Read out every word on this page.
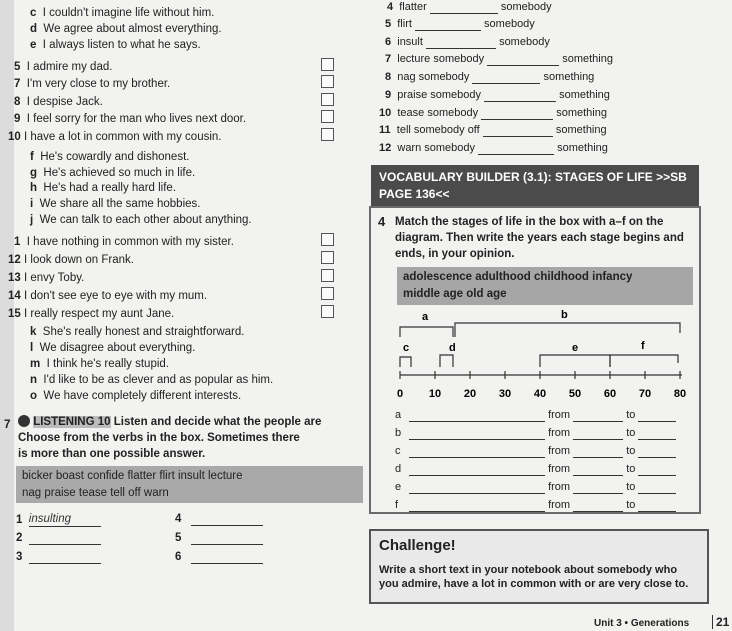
c I couldn't imagine life without him.
d We agree about almost everything.
e I always listen to what he says.
5 I admire my dad.
7 I'm very close to my brother.
8 I despise Jack.
9 I feel sorry for the man who lives next door.
10 I have a lot in common with my cousin.
f He's cowardly and dishonest.
g He's achieved so much in life.
h He's had a really hard life.
i We share all the same hobbies.
j We can talk to each other about anything.
1 I have nothing in common with my sister.
12 I look down on Frank.
13 I envy Toby.
14 I don't see eye to eye with my mum.
15 I really respect my aunt Jane.
k She's really honest and straightforward.
l We disagree about everything.
m I think he's really stupid.
n I'd like to be as clever and as popular as him.
o We have completely different interests.
7	LISTENING 10 Listen and decide what the people are
Choose from the verbs in the box. Sometimes there
is more than one possible answer.
bicker boast confide flatter flirt insult lecture
nag praise tease tell off warn
1 insulting
2
3
4
5
6
4 flatter	somebody
5 flirt	somebody
6 insult	somebody
7 lecture somebody	something
8 nag somebody	something
9 praise somebody	something
10 tease somebody	something
11 tell somebody off	something
12 warn somebody	something
VOCABULARY BUILDER (3.1): STAGES OF LIFE >>SB
PAGE 136<<
4 Match the stages of life in the box with a–f on the
diagram. Then write the years each stage begins and
ends, in your opinion.
adolescence adulthood childhood infancy
middle age old age
0 10 20 30 40 50 60 70 80
a	b
c	d	e	f
a	from	to
b	from	to
c	from	to
d	from	to
e	from	to
f	from	to
Challenge!
Write a short text in your notebook about somebody who
you admire, have a lot in common with or are very close to.
Unit 3 • Generations	21
